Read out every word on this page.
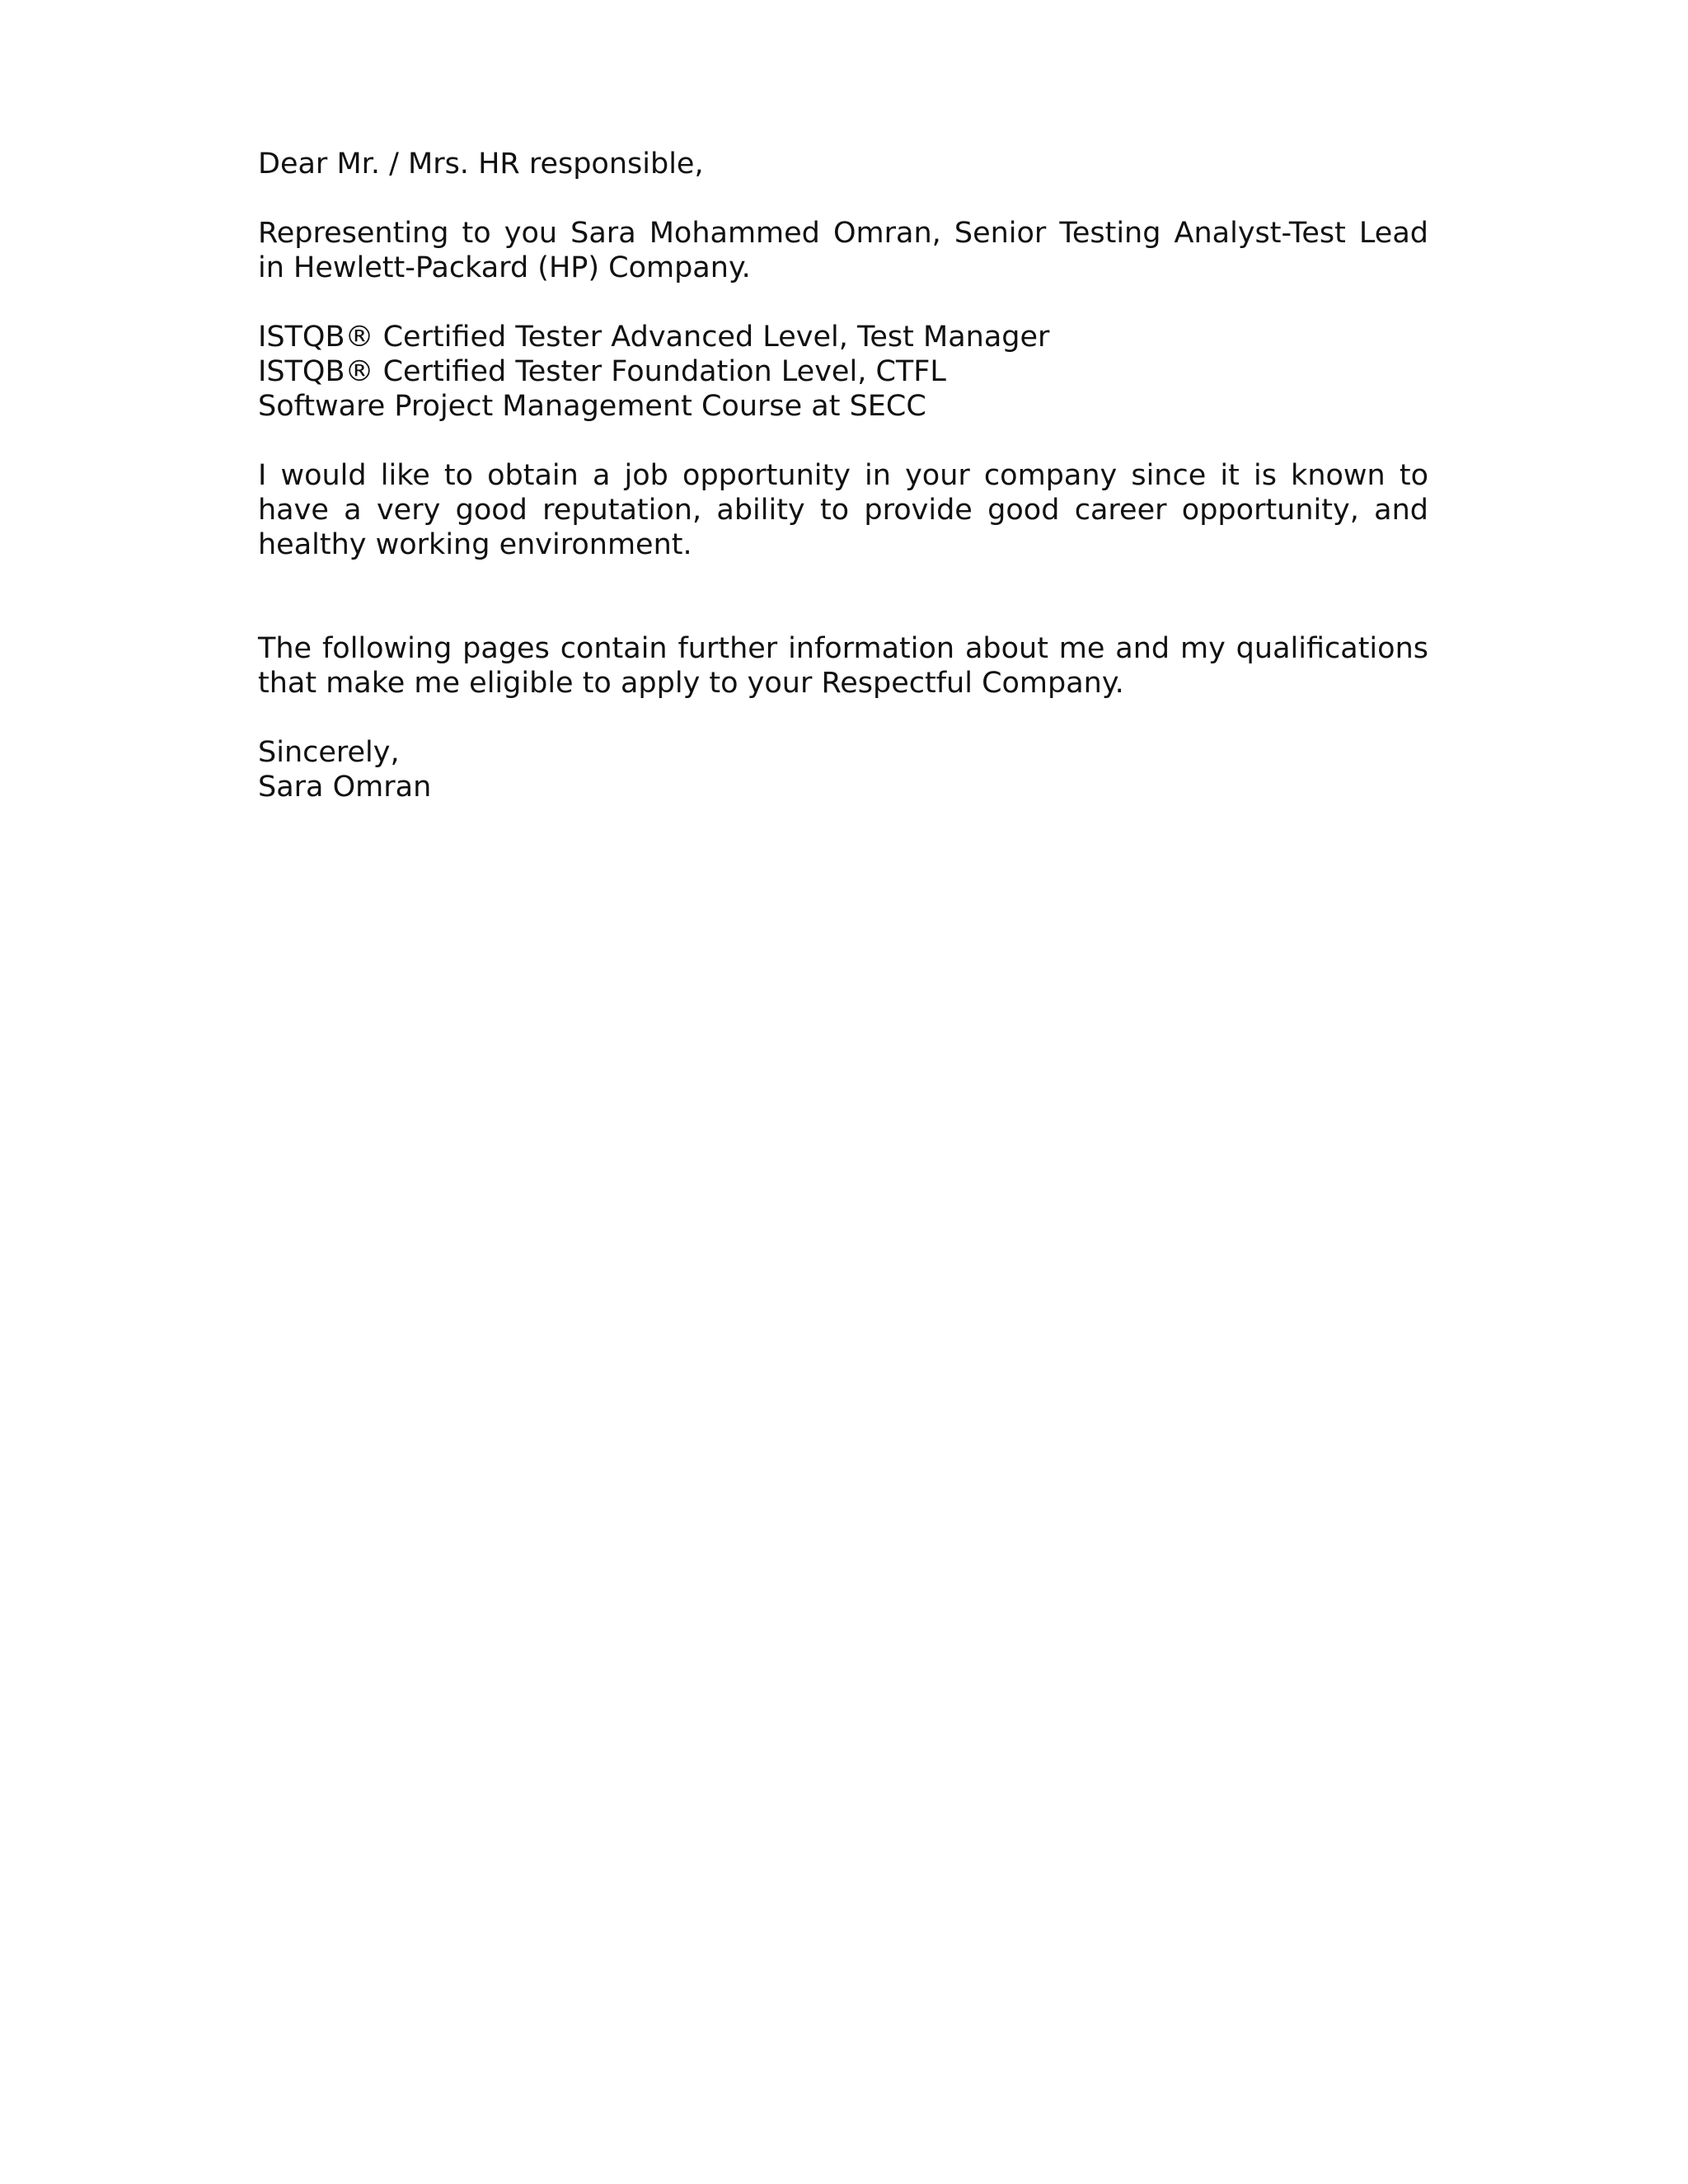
Dear Mr. / Mrs. HR responsible,

Representing to you Sara Mohammed Omran, Senior Testing Analyst-Test Lead
in Hewlett-Packard (HP) Company.

ISTQB® Certified Tester Advanced Level, Test Manager
ISTQB® Certified Tester Foundation Level, CTFL
Software Project Management Course at SECC

I would like to obtain a job opportunity in your company since it is known to
have a very good reputation, ability to provide good career opportunity, and
healthy working environment.

The following pages contain further information about me and my qualifications
that make me eligible to apply to your Respectful Company.

Sincerely,
Sara Omran
